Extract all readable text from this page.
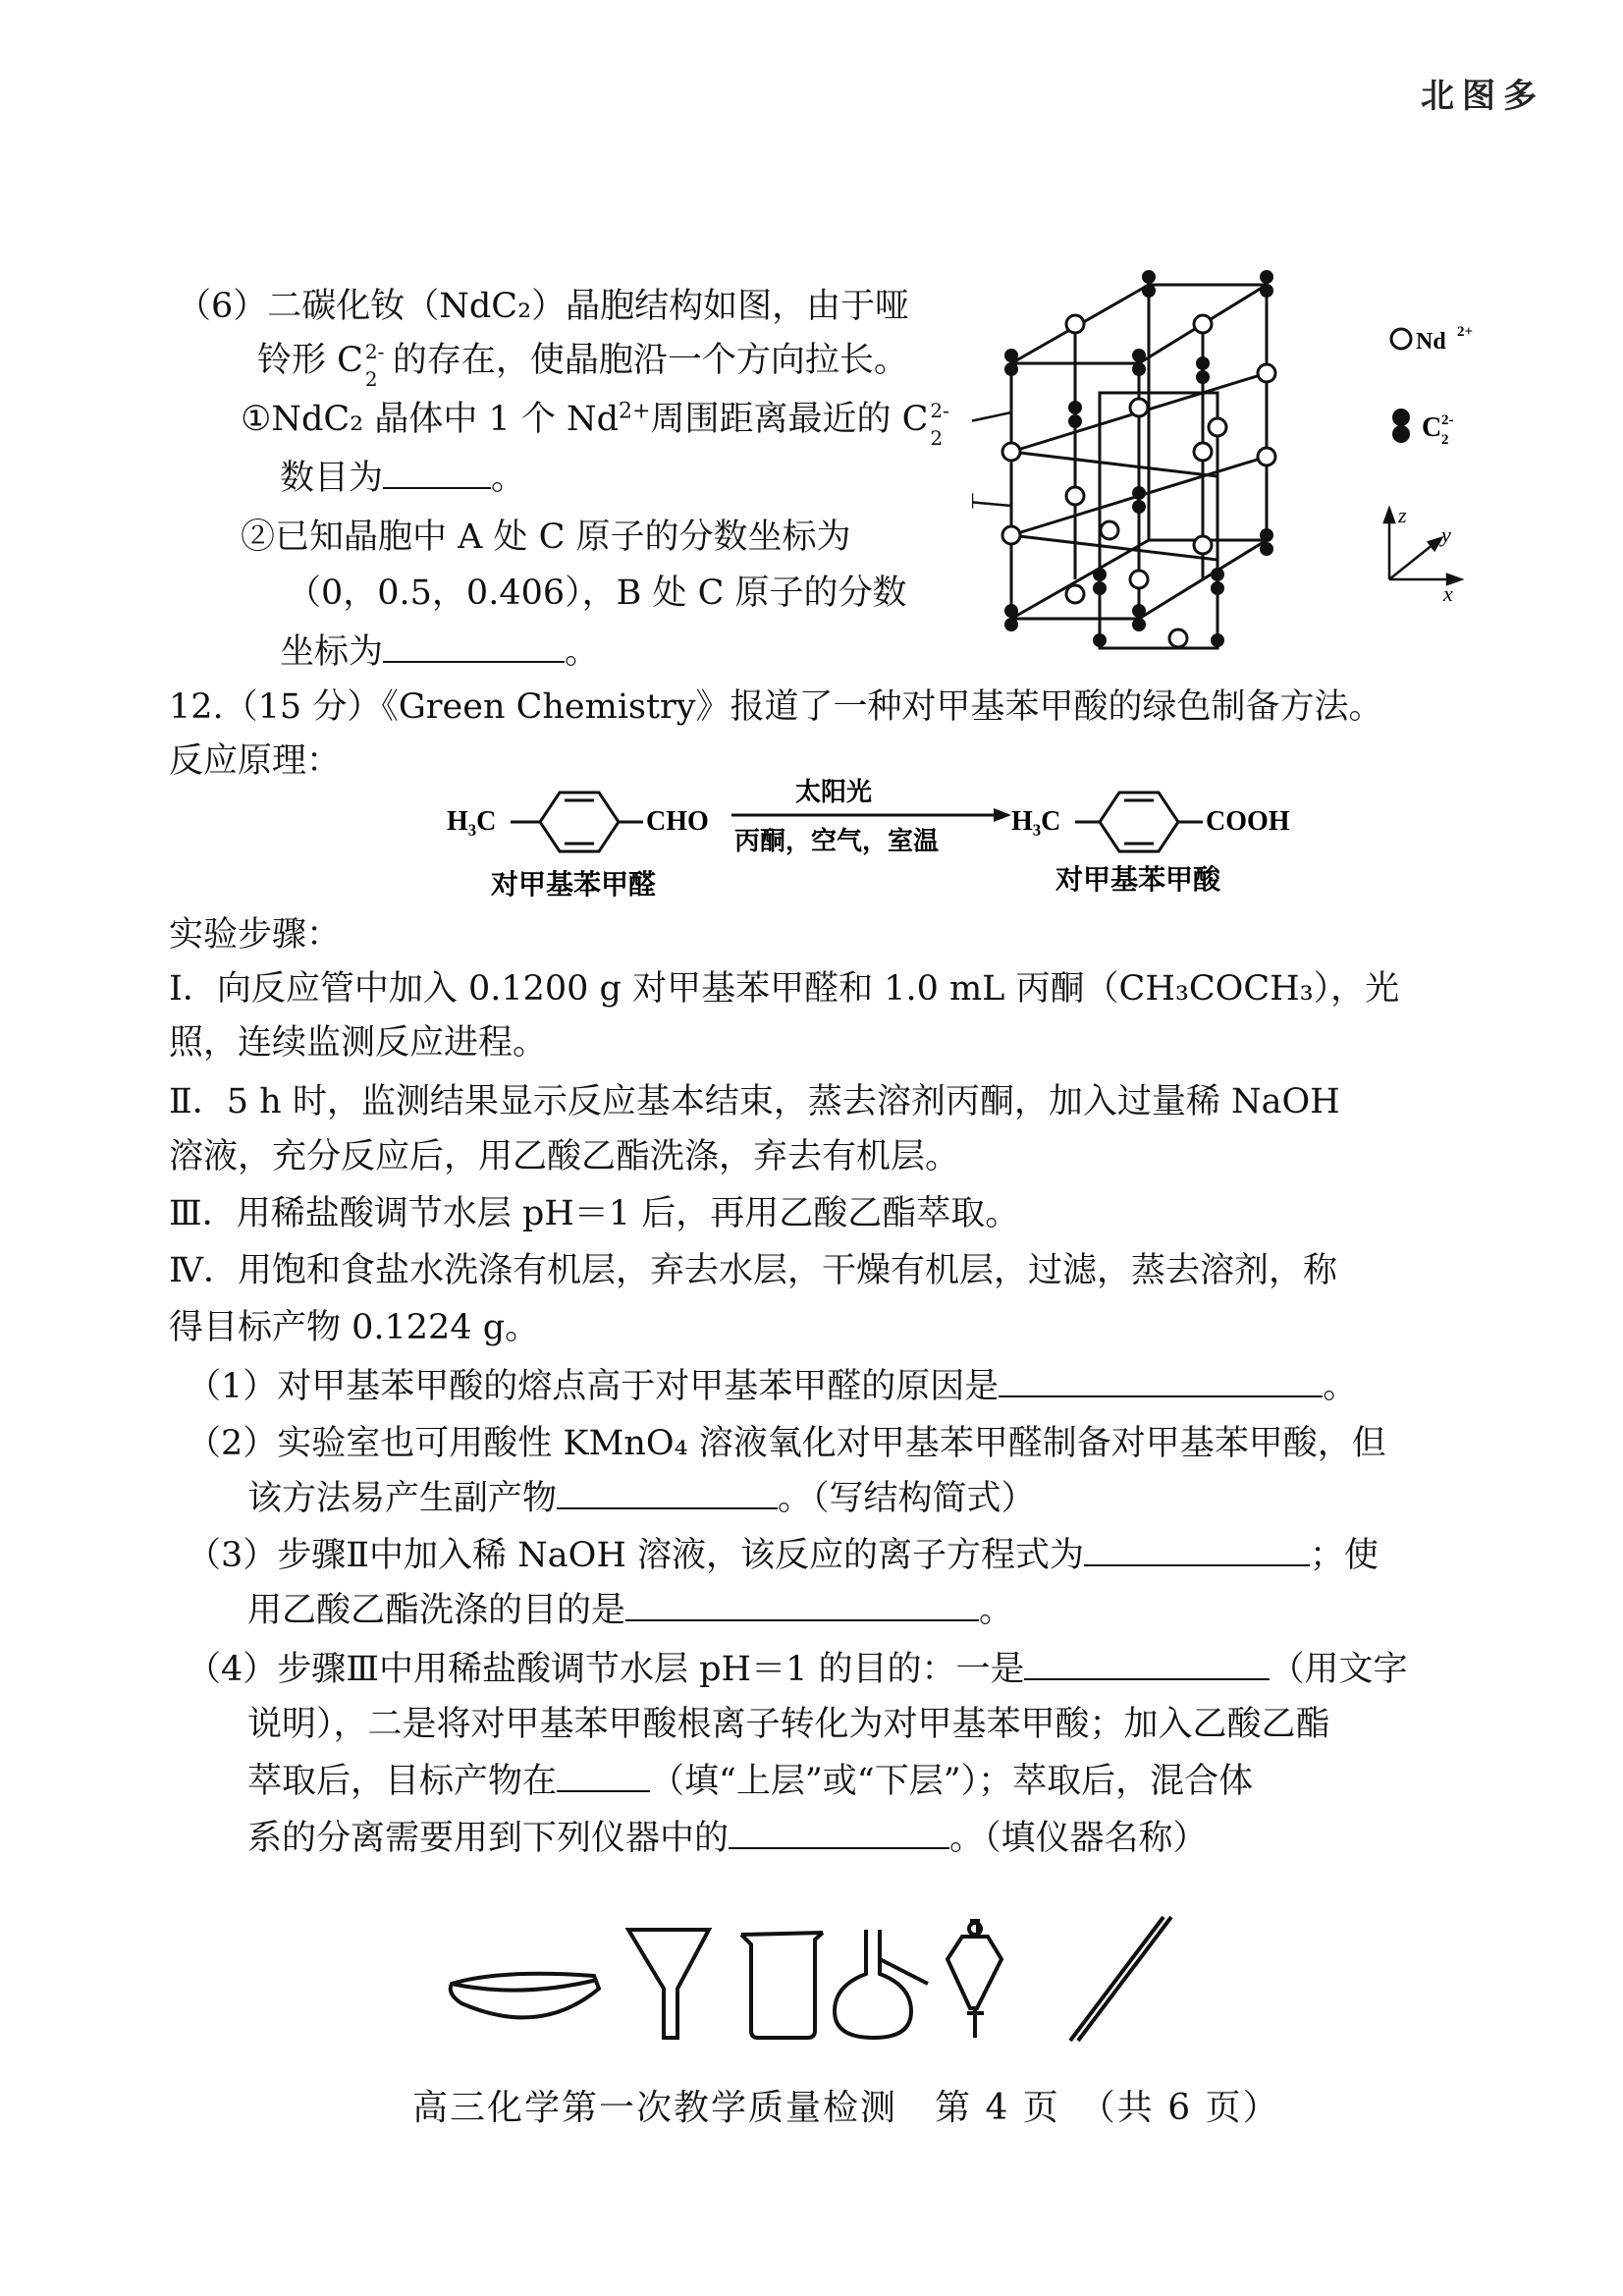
北图多
（6）二碳化钕（NdC₂）晶胞结构如图，由于哑
铃形 C 2-
2 的存在，使晶胞沿一个方向拉长。
①NdC₂ 晶体中 1 个 $Nd^{2+}$周围距离最近的 C 2-
2
数目为	。
②已知晶胞中 A 处 C 原子的分数坐标为
（0，0.5，0.406），B 处 C 原子的分数
坐标为	。
Nd 2+
C 2-
2
z
y
x
12.（15 分）《Green Chemistry》报道了一种对甲基苯甲酸的绿色制备方法。
反应原理：
H₃C	CHO
太阳光
丙酮，空气，室温
H₃C	COOH
对甲基苯甲醛	对甲基苯甲酸
实验步骤：
Ⅰ．向反应管中加入 0.1200 g 对甲基苯甲醛和 1.0 mL 丙酮（CH₃COCH₃），光
照，连续监测反应进程。
Ⅱ．5 h 时，监测结果显示反应基本结束，蒸去溶剂丙酮，加入过量稀 NaOH
溶液，充分反应后，用乙酸乙酯洗涤，弃去有机层。
Ⅲ．用稀盐酸调节水层 pH＝1 后，再用乙酸乙酯萃取。
Ⅳ．用饱和食盐水洗涤有机层，弃去水层，干燥有机层，过滤，蒸去溶剂，称
得目标产物 0.1224 g。
（1）对甲基苯甲酸的熔点高于对甲基苯甲醛的原因是	。
（2）实验室也可用酸性 KMnO₄ 溶液氧化对甲基苯甲醛制备对甲基苯甲酸，但
该方法易产生副产物	。（写结构简式）
（3）步骤Ⅱ中加入稀 NaOH 溶液，该反应的离子方程式为	；使
用乙酸乙酯洗涤的目的是	。
（4）步骤Ⅲ中用稀盐酸调节水层 pH＝1 的目的：一是	（用文字
说明），二是将对甲基苯甲酸根离子转化为对甲基苯甲酸；加入乙酸乙酯
萃取后，目标产物在	（填“上层”或“下层”）；萃取后，混合体
系的分离需要用到下列仪器中的	。（填仪器名称）
高三化学第一次教学质量检测　第 4 页　（共 6 页）
